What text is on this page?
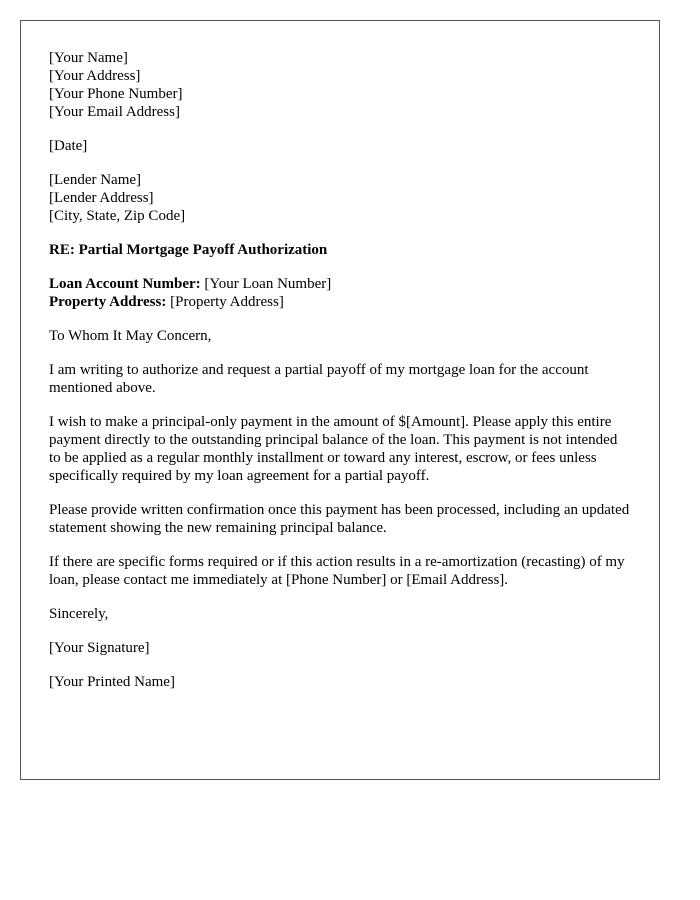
[Your Name]
[Your Address]
[Your Phone Number]
[Your Email Address]
[Date]
[Lender Name]
[Lender Address]
[City, State, Zip Code]
RE: Partial Mortgage Payoff Authorization
Loan Account Number: [Your Loan Number]
Property Address: [Property Address]
To Whom It May Concern,

I am writing to authorize and request a partial payoff of my mortgage loan for the account mentioned above.

I wish to make a principal-only payment in the amount of $[Amount]. Please apply this entire payment directly to the outstanding principal balance of the loan. This payment is not intended to be applied as a regular monthly installment or toward any interest, escrow, or fees unless specifically required by my loan agreement for a partial payoff.

Please provide written confirmation once this payment has been processed, including an updated statement showing the new remaining principal balance.

If there are specific forms required or if this action results in a re-amortization (recasting) of my loan, please contact me immediately at [Phone Number] or [Email Address].

Sincerely,
[Your Signature]
[Your Printed Name]
